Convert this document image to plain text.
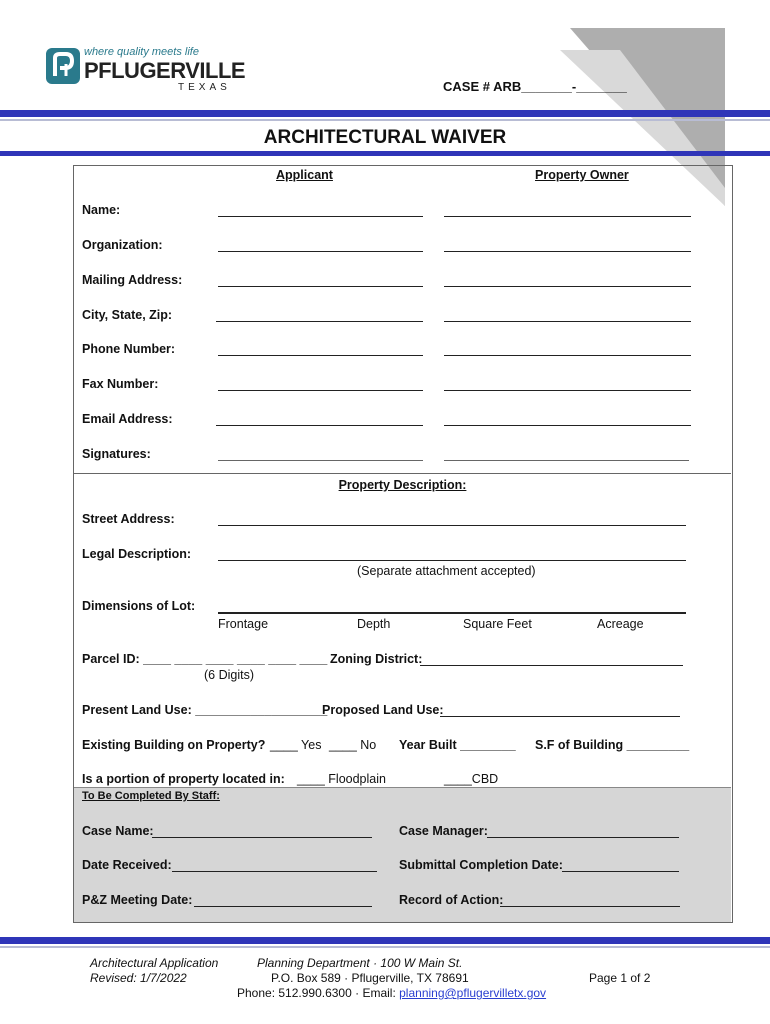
where quality meets life
PFLUGERVILLE
TEXAS	CASE # ARB_______-_______
ARCHITECTURAL WAIVER
Applicant	Property Owner
Name:
Organization:
Mailing Address:
City, State, Zip:
Phone Number:
Fax Number:
Email Address:
Signatures:
Property Description:
Street Address:
Legal Description:
(Separate attachment accepted)
Dimensions of Lot:
Frontage	Depth	Square Feet	Acreage
Parcel ID: ____ ____ ____ ____ ____ ____
(6 Digits)
Zoning District:
Present Land Use: ___________________
Proposed Land Use:
Existing Building on Property? ____ Yes ____ No Year Built ________ S.F of Building _________
Is a portion of property located in: ____ Floodplain	____CBD
To Be Completed By Staff:
Case Name:	Case Manager:
Date Received:	Submittal Completion Date:
P&Z Meeting Date:	Record of Action:
Architectural Application
Revised: 1/7/2022
Planning Department · 100 W Main St.
P.O. Box 589 · Pflugerville, TX 78691
Phone: 512.990.6300 · Email: planning@pflugervilletx.gov
Page 1 of 2
